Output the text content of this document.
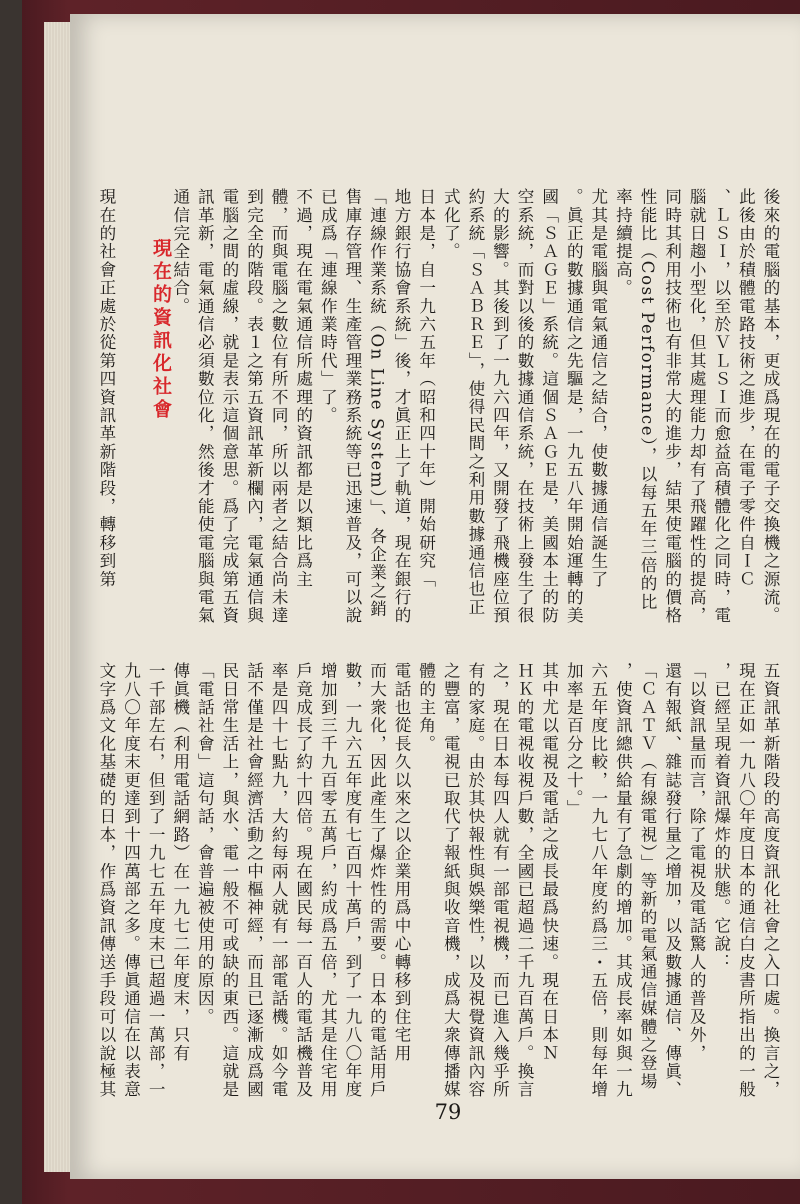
後來的電腦的基本，更成爲現在的電子交換機之源流。
此後由於積體電路技術之進步，在電子零件自ＩＣ
、ＬＳＩ，以至於ＶＬＳＩ而愈益高積體化之同時，電
腦就日趨小型化，但其處理能力却有了飛躍性的提高，
同時其利用技術也有非常大的進步，結果使電腦的價格
性能比（Cost Performance），以每五年三倍的比
率持續提高。
尤其是電腦與電氣通信之結合，使數據通信誕生了
。眞正的數據通信之先驅是，一九五八年開始運轉的美
國「ＳＡＧＥ」系統。這個ＳＡＧＥ是，美國本土的防
空系統，而對以後的數據通信系統，在技術上發生了很
大的影響。其後到了一九六四年，又開發了飛機座位預
約系統「ＳＡＢＲＥ」，使得民間之利用數據通信也正
式化了。
日本是，自一九六五年（昭和四十年）開始研究「
地方銀行協會系統」後，才眞正上了軌道，現在銀行的
「連線作業系統（On Line System）」、各企業之銷
售庫存管理、生產管理業務系統等已迅速普及，可以說
已成爲「連線作業時代」了。
不過，現在電氣通信所處理的資訊都是以類比爲主
體，而與電腦之數位有所不同，所以兩者之結合尚未達
到完全的階段。表１之第五資訊革新欄內，電氣通信與
電腦之間的虛線，就是表示這個意思。爲了完成第五資
訊革新，電氣通信必須數位化，然後才能使電腦與電氣
通信完全結合。

現在的社會正處於從第四資訊革新階段，轉移到第 現在的資訊化社會
五資訊革新階段的高度資訊化社會之入口處。換言之，
現在正如一九八〇年度日本的通信白皮書所指出的一般
，已經呈現着資訊爆炸的狀態。它說：
「以資訊量而言，除了電視及電話驚人的普及外，
還有報紙、雜誌發行量之增加，以及數據通信、傳眞、
「ＣＡＴＶ（有線電視）」等新的電氣通信媒體之登場
，使資訊總供給量有了急劇的增加。其成長率如與一九
六五年度比較，一九七八年度約爲三・五倍，則每年增
加率是百分之十。」
其中尤以電視及電話之成長最爲快速。現在日本Ｎ
ＨＫ的電視收視戶數，全國已超過二千九百萬戶。換言
之，現在日本每四人就有一部電視機，而已進入幾乎所
有的家庭。由於其快報性與娛樂性，以及視覺資訊內容
之豐富，電視已取代了報紙與收音機，成爲大衆傳播媒
體的主角。
電話也從長久以來之以企業用爲中心轉移到住宅用
而大衆化，因此產生了爆炸性的需要。日本的電話用戶
數，一九六五年度有七百四十萬戶，到了一九八〇年度
增加到三千九百零五萬戶，約成爲五倍，尤其是住宅用
戶竟成長了約十四倍。現在國民每一百人的電話機普及
率是四十七點九，大約每兩人就有一部電話機。如今電
話不僅是社會經濟活動之中樞神經，而且已逐漸成爲國
民日常生活上，與水、電一般不可或缺的東西。這就是
「電話社會」這句話，會普遍被使用的原因。
傳眞機（利用電話網路）在一九七二年度末，只有
一千部左右，但到了一九七五年度末已超過一萬部，一
九八〇年度末更達到十四萬部之多。傳眞通信在以表意
文字爲文化基礎的日本，作爲資訊傳送手段可以說極其
79
